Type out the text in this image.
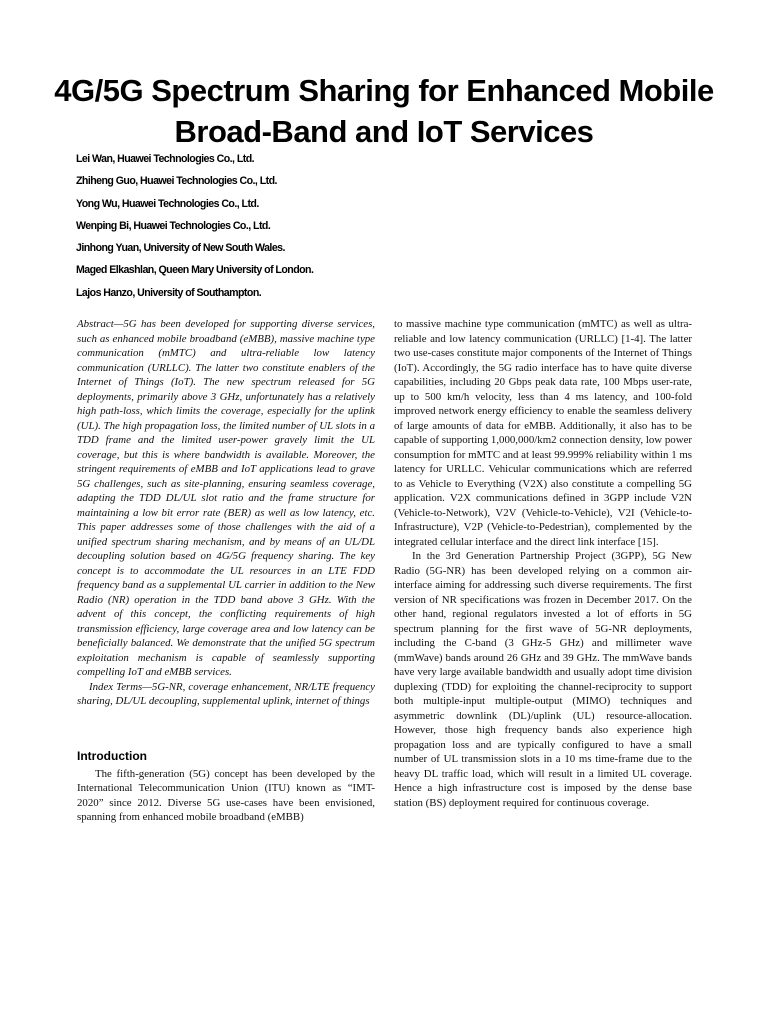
4G/5G Spectrum Sharing for Enhanced Mobile Broad-Band and IoT Services
Lei Wan, Huawei Technologies Co., Ltd.
Zhiheng Guo, Huawei Technologies Co., Ltd.
Yong Wu, Huawei Technologies Co., Ltd.
Wenping Bi, Huawei Technologies Co., Ltd.
Jinhong Yuan, University of New South Wales.
Maged Elkashlan, Queen Mary University of London.
Lajos Hanzo, University of Southampton.

Abstract—5G has been developed for supporting diverse services, such as enhanced mobile broadband (eMBB), massive machine type communication (mMTC) and ultra-reliable low latency communication (URLLC). The latter two constitute enablers of the Internet of Things (IoT). The new spectrum released for 5G deployments, primarily above 3 GHz, unfortunately has a relatively high path-loss, which limits the coverage, especially for the uplink (UL). The high propagation loss, the limited number of UL slots in a TDD frame and the limited user-power gravely limit the UL coverage, but this is where bandwidth is available. Moreover, the stringent requirements of eMBB and IoT applications lead to grave 5G challenges, such as site-planning, ensuring seamless coverage, adapting the TDD DL/UL slot ratio and the frame structure for maintaining a low bit error rate (BER) as well as low latency, etc. This paper addresses some of those challenges with the aid of a unified spectrum sharing mechanism, and by means of an UL/DL decoupling solution based on 4G/5G frequency sharing. The key concept is to accommodate the UL resources in an LTE FDD frequency band as a supplemental UL carrier in addition to the New Radio (NR) operation in the TDD band above 3 GHz. With the advent of this concept, the conflicting requirements of high transmission efficiency, large coverage area and low latency can be beneficially balanced. We demonstrate that the unified 5G spectrum exploitation mechanism is capable of seamlessly supporting compelling IoT and eMBB services.

Index Terms—5G-NR, coverage enhancement, NR/LTE frequency sharing, DL/UL decoupling, supplemental uplink, internet of things

Introduction

The fifth-generation (5G) concept has been developed by the International Telecommunication Union (ITU) known as “IMT-2020” since 2012. Diverse 5G use-cases have been envisioned, spanning from enhanced mobile broadband (eMBB)

to massive machine type communication (mMTC) as well as ultra-reliable and low latency communication (URLLC) [1-4]. The latter two use-cases constitute major components of the Internet of Things (IoT). Accordingly, the 5G radio interface has to have quite diverse capabilities, including 20 Gbps peak data rate, 100 Mbps user-rate, up to 500 km/h velocity, less than 4 ms latency, and 100-fold improved network energy efficiency to enable the seamless delivery of large amounts of data for eMBB. Additionally, it also has to be capable of supporting 1,000,000/km2 connection density, low power consumption for mMTC and at least 99.999% reliability within 1 ms latency for URLLC. Vehicular communications which are referred to as Vehicle to Everything (V2X) also constitute a compelling 5G application. V2X communications defined in 3GPP include V2N (Vehicle-to-Network), V2V (Vehicle-to-Vehicle), V2I (Vehicle-to-Infrastructure), V2P (Vehicle-to-Pedestrian), complemented by the integrated cellular interface and the direct link interface [15].

In the 3rd Generation Partnership Project (3GPP), 5G New Radio (5G-NR) has been developed relying on a common air-interface aiming for addressing such diverse requirements. The first version of NR specifications was frozen in December 2017. On the other hand, regional regulators invested a lot of efforts in 5G spectrum planning for the first wave of 5G-NR deployments, including the C-band (3 GHz-5 GHz) and millimeter wave (mmWave) bands around 26 GHz and 39 GHz. The mmWave bands have very large available bandwidth and usually adopt time division duplexing (TDD) for exploiting the channel-reciprocity to support both multiple-input multiple-output (MIMO) techniques and asymmetric downlink (DL)/uplink (UL) resource-allocation. However, those high frequency bands also experience high propagation loss and are typically configured to have a small number of UL transmission slots in a 10 ms time-frame due to the heavy DL traffic load, which will result in a limited UL coverage. Hence a high infrastructure cost is imposed by the dense base station (BS) deployment required for continuous coverage.
